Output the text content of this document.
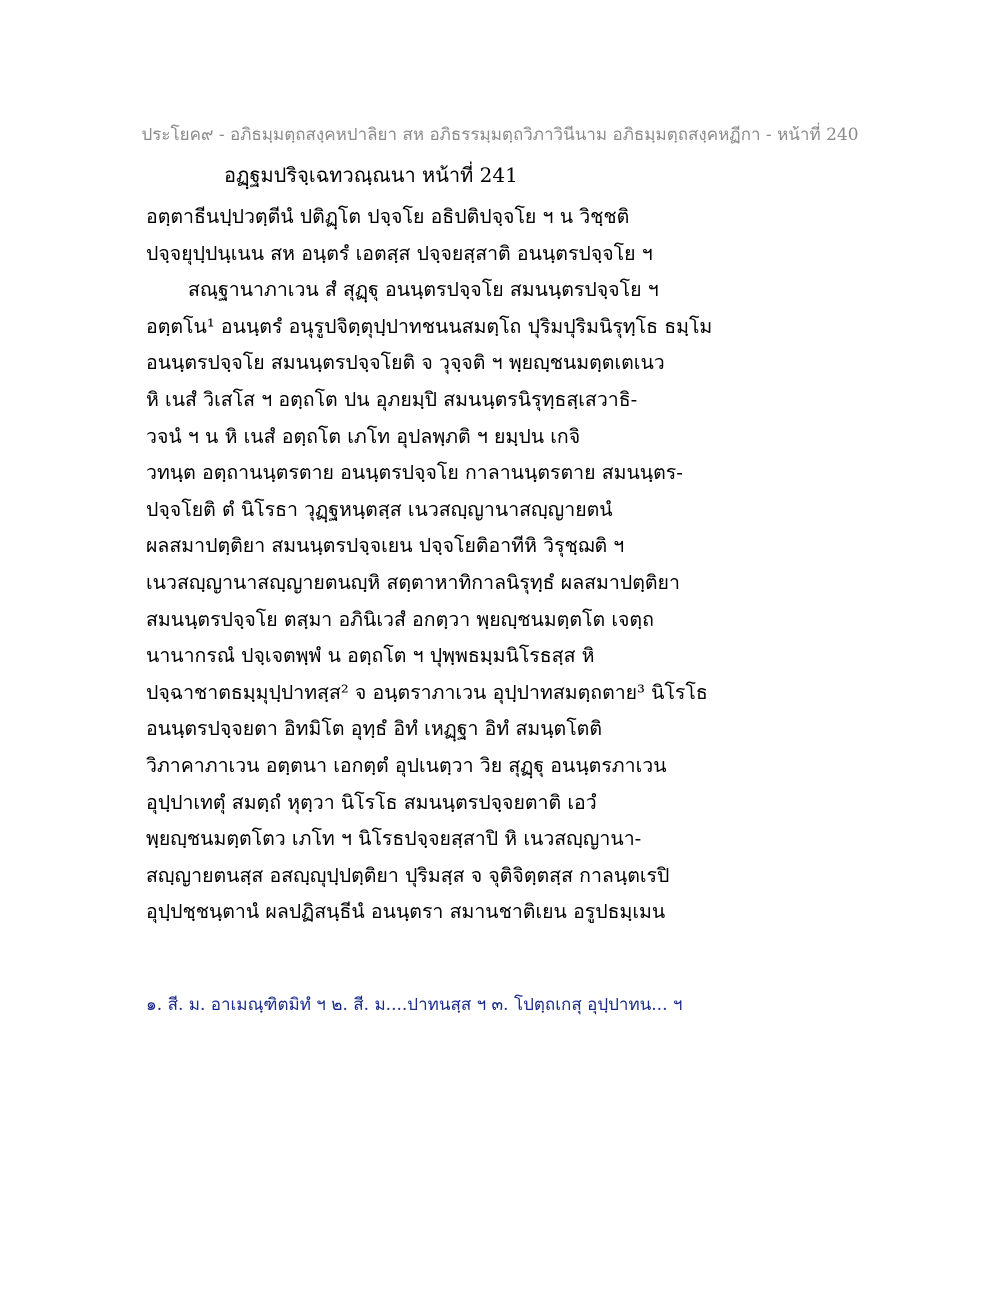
ประโยค๙ - อภิธมฺมตฺถสงฺคหปาลิยา สห อภิธรรมฺมตฺถวิภาวินีนาม อภิธมฺมตฺถสงฺคหฏีกา - หน้าที่ 240
อฏฺฐมปริจฺเฉทวณฺณนา หน้าที่ 241
อตฺตาธีนปฺปวตฺตีนํ ปติฏฺโต ปจฺจโย อธิปติปจฺจโย ฯ น วิชฺชติ
ปจฺจยุปฺปนฺเนน สห อนฺตรํ เอตสฺส ปจฺจยสฺสาติ อนนฺตรปจฺจโย ฯ
สณฺฐานาภาเวน สํ สุฏฺฐุ อนนฺตรปจฺจโย สมนนฺตรปจฺจโย ฯ
อตฺตโน¹ อนนฺตรํ อนุรูปจิตฺตุปฺปาทชนนสมตฺโถ ปุริมปุริมนิรุทฺโธ ธมฺโม
อนนฺตรปจฺจโย สมนนฺตรปจฺจโยติ จ วุจฺจติ ฯ พฺยญฺชนมตฺตเตเนว
หิ เนสํ วิเสโส ฯ อตฺถโต ปน อุภยมฺปิ สมนนฺตรนิรุทฺธสฺเสวาธิ-
วจนํ ฯ น หิ เนสํ อตฺถโต เภโท อุปลพฺภติ ฯ ยมฺปน เกจิ
วทนฺต อตฺถานนฺตรตาย อนนฺตรปจฺจโย กาลานนฺตรตาย สมนนฺตร-
ปจฺจโยติ ตํ นิโรธา วุฏฺฐหนฺตสฺส เนวสญฺญานาสญฺญายตนํ
ผลสมาปตฺติยา สมนนฺตรปจฺจเยน ปจฺจโยติอาทีหิ วิรุชฺฌติ ฯ
เนวสญฺญานาสญฺญายตนญฺหิ สตฺตาหาทิกาลนิรุทฺธํ ผลสมาปตฺติยา
สมนนฺตรปจฺจโย ตสฺมา อภินิเวสํ อกตฺวา พฺยญฺชนมตฺตโต เจตฺถ
นานากรณํ ปจฺเจตพฺพํ น อตฺถโต ฯ ปุพฺพธมฺมนิโรธสฺส หิ
ปจฺฉาชาตธมฺมุปฺปาทสฺส² จ อนฺตราภาเวน อุปฺปาทสมตฺถตาย³ นิโรโธ
อนนฺตรปจฺจยตา อิทมิโต อุทฺธํ อิทํ เหฏฺฐา อิทํ สมนฺตโตติ
วิภาคาภาเวน อตฺตนา เอกตฺตํ อุปเนตฺวา วิย สุฏฺฐุ อนนฺตรภาเวน
อุปฺปาเทตุํ สมตฺถํ หุตฺวา นิโรโธ สมนนฺตรปจฺจยตาติ เอวํ
พฺยญฺชนมตฺตโตว เภโท ฯ นิโรธปจฺจยสฺสาปิ หิ เนวสญฺญานา-
สญฺญายตนสฺส อสญฺญุปฺปตฺติยา ปุริมสฺส จ จุติจิตฺตสฺส กาลนฺตเรปิ
อุปฺปชฺชนฺตานํ ผลปฏิสนฺธีนํ อนนฺตรา สมานชาติเยน อรูปธมฺเมน
๑. สี. ม. อาเมณฺฑิตมิทํ ฯ ๒. สี. ม....ปาทนสฺส ฯ ๓. โปตฺถเกสุ อุปฺปาทน... ฯ
